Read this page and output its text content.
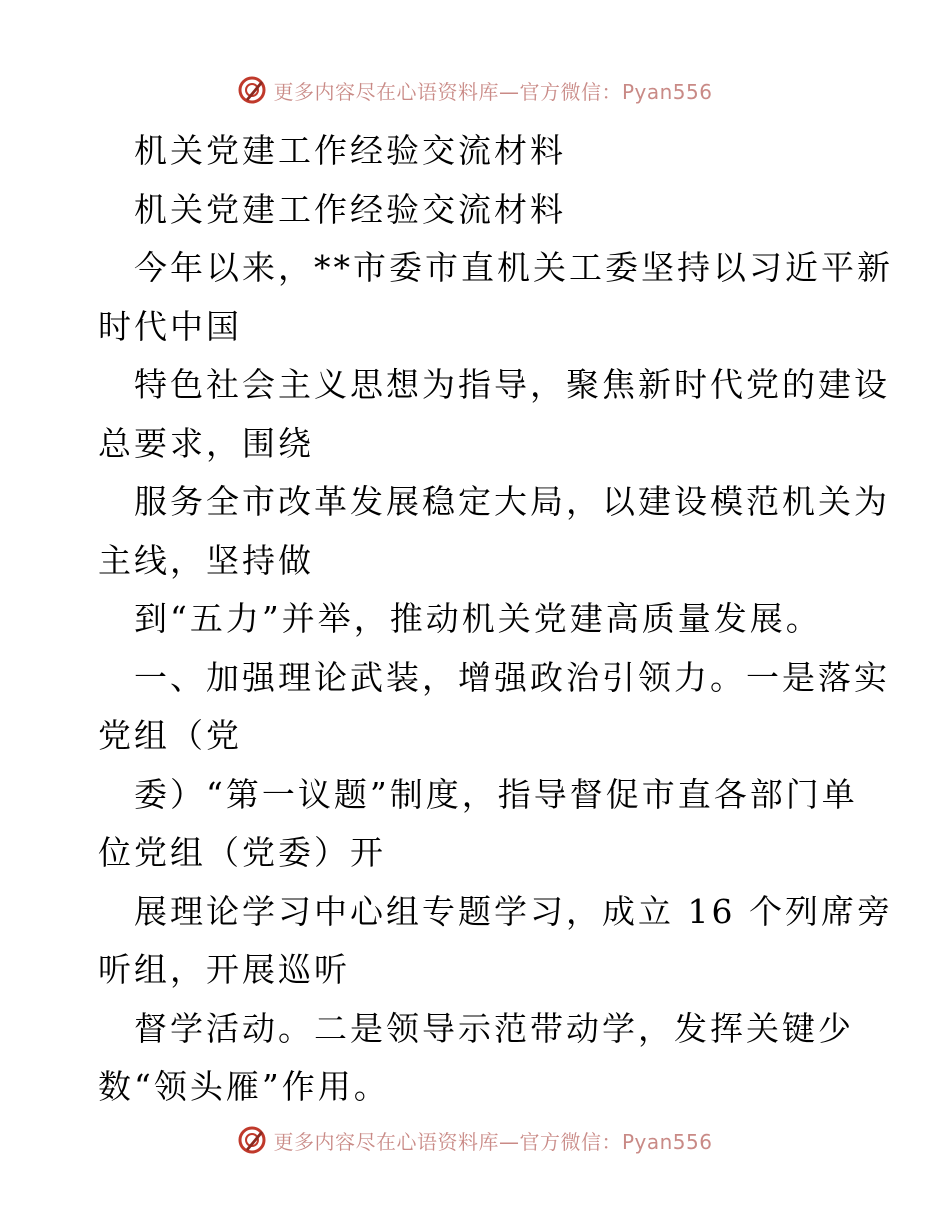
更多内容尽在心语资料库—官方微信：Pyan556
机关党建工作经验交流材料
机关党建工作经验交流材料
今年以来，**市委市直机关工委坚持以习近平新
时代中国
特色社会主义思想为指导，聚焦新时代党的建设
总要求，围绕
服务全市改革发展稳定大局，以建设模范机关为
主线，坚持做
到“五力”并举，推动机关党建高质量发展。
一、加强理论武装，增强政治引领力。一是落实
党组（党
委）“第一议题”制度，指导督促市直各部门单
位党组（党委）开
展理论学习中心组专题学习，成立 16 个列席旁
听组，开展巡听
督学活动。二是领导示范带动学，发挥关键少
数“领头雁”作用。
更多内容尽在心语资料库—官方微信：Pyan556
